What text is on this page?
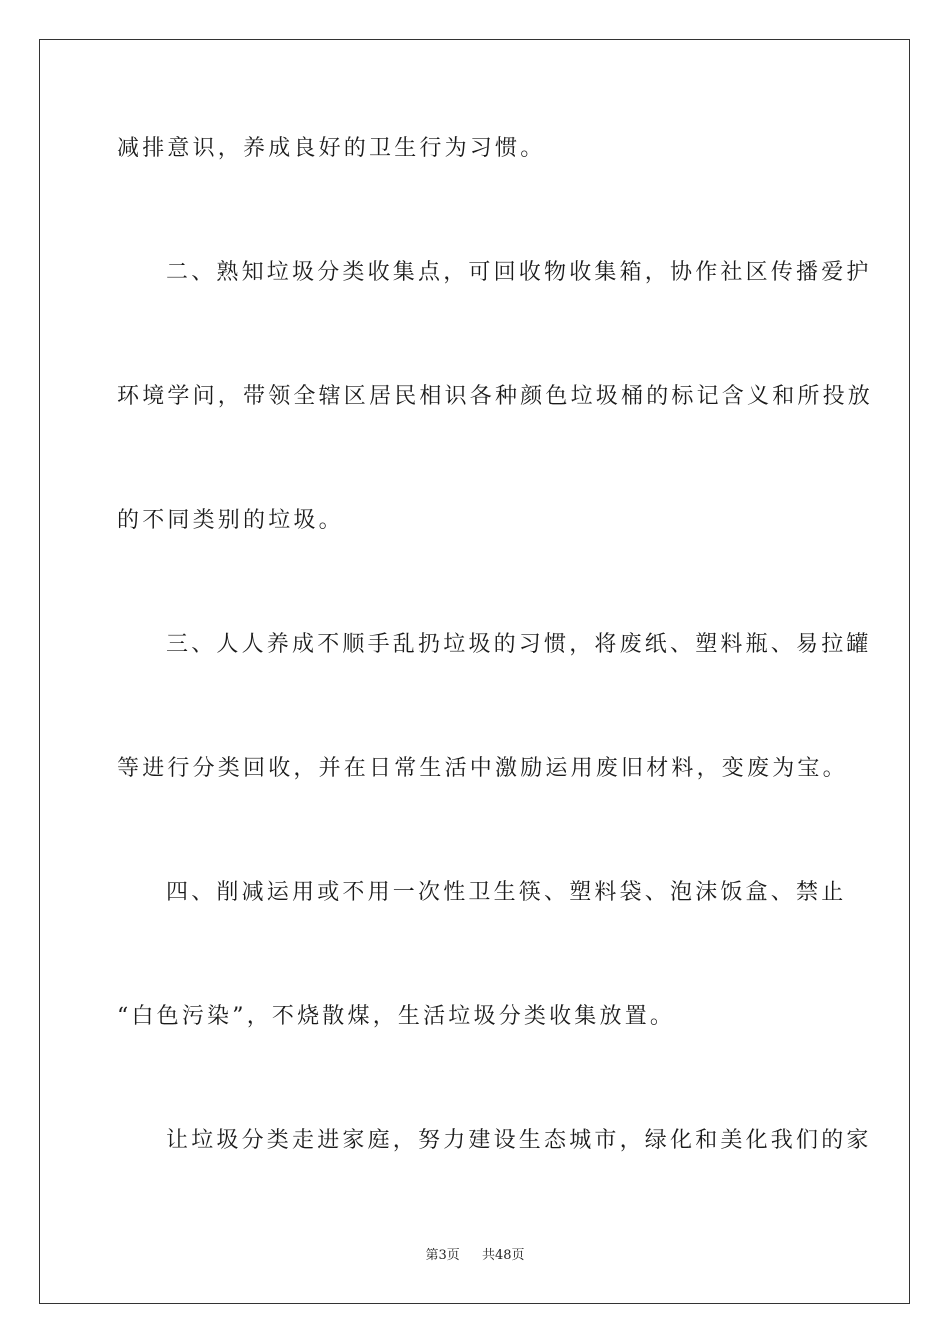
减排意识，养成良好的卫生行为习惯。
二、熟知垃圾分类收集点，可回收物收集箱，协作社区传播爱护
环境学问，带领全辖区居民相识各种颜色垃圾桶的标记含义和所投放
的不同类别的垃圾。
三、人人养成不顺手乱扔垃圾的习惯，将废纸、塑料瓶、易拉罐
等进行分类回收，并在日常生活中激励运用废旧材料，变废为宝。
四、削减运用或不用一次性卫生筷、塑料袋、泡沫饭盒、禁止
“白色污染”，不烧散煤，生活垃圾分类收集放置。
让垃圾分类走进家庭，努力建设生态城市，绿化和美化我们的家
第3页 共48页
